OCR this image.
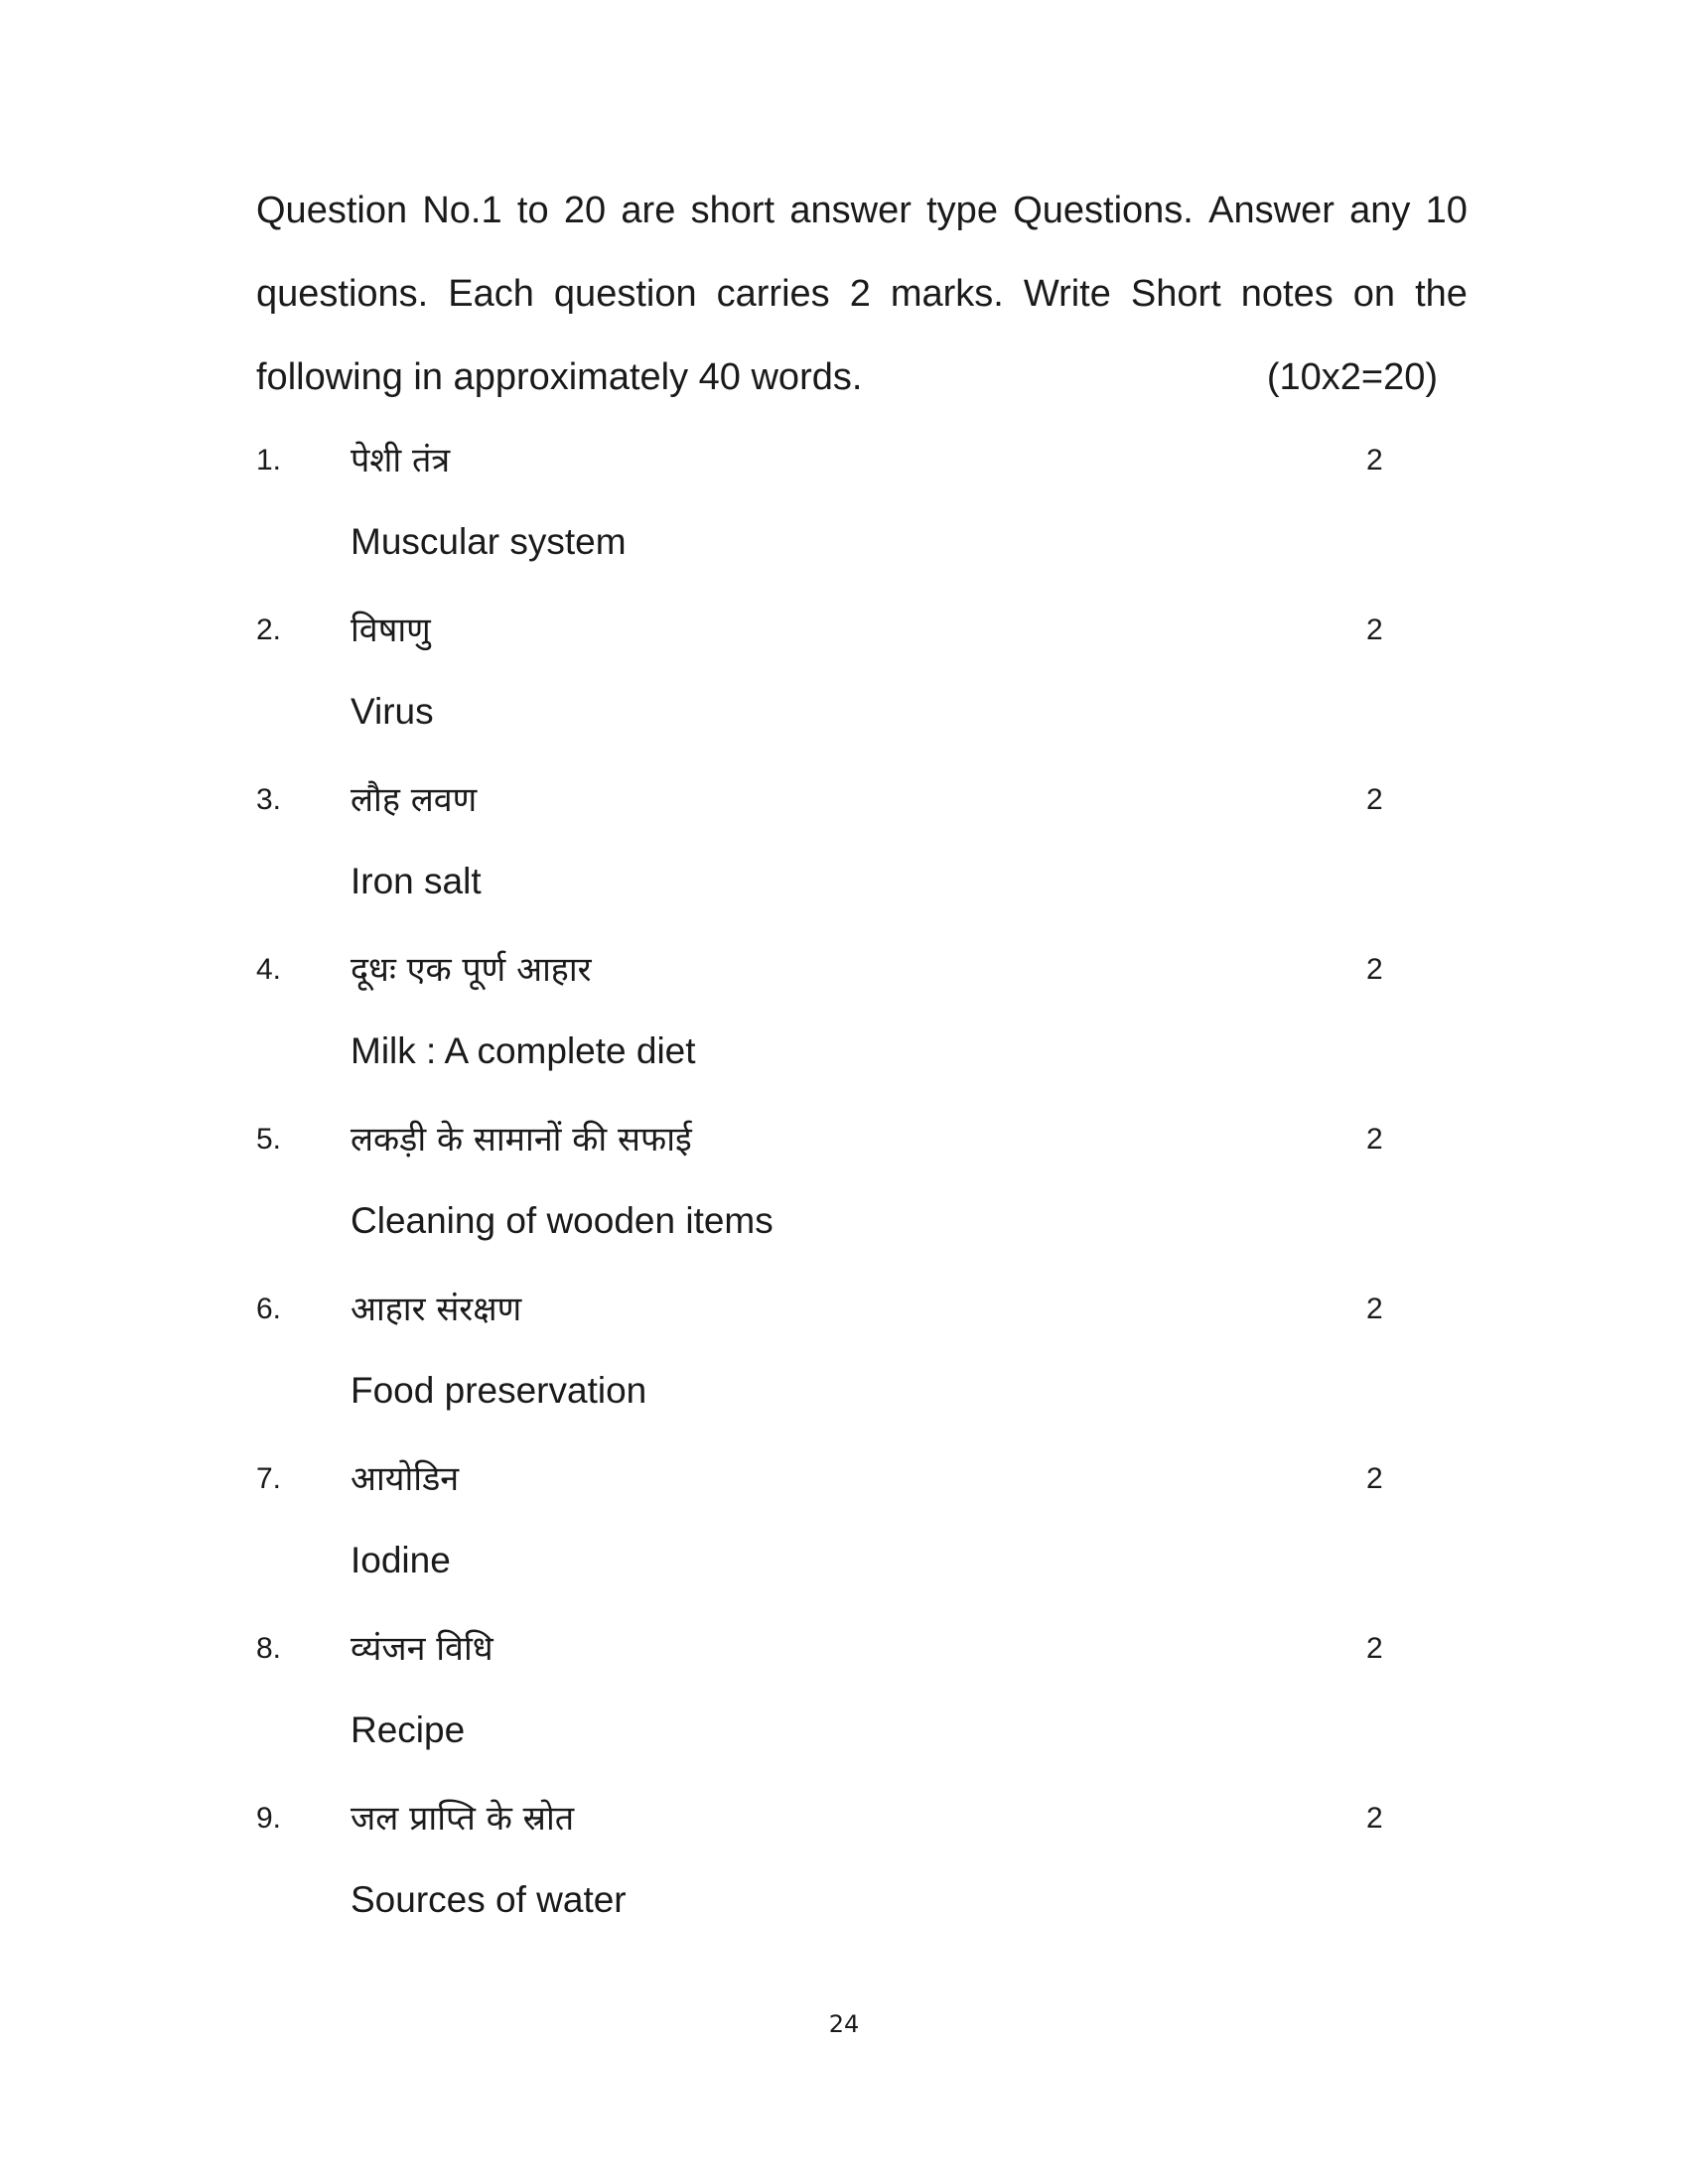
Question No.1 to 20 are short answer type Questions. Answer any 10
questions. Each question carries 2 marks. Write Short notes on the
following in approximately 40 words.	(10x2=20)
1. पेशी तंत्र	2
Muscular system
2. विषाणु	2
Virus
3. लौह लवण	2
Iron salt
4. दूधः एक पूर्ण आहार	2
Milk : A complete diet
5. लकड़ी के सामानों की सफाई	2
Cleaning of wooden items
6. आहार संरक्षण	2
Food preservation
7. आयोडिन	2
Iodine
8. व्यंजन विधि	2
Recipe
9. जल प्राप्ति के स्रोत	2
Sources of water
24
